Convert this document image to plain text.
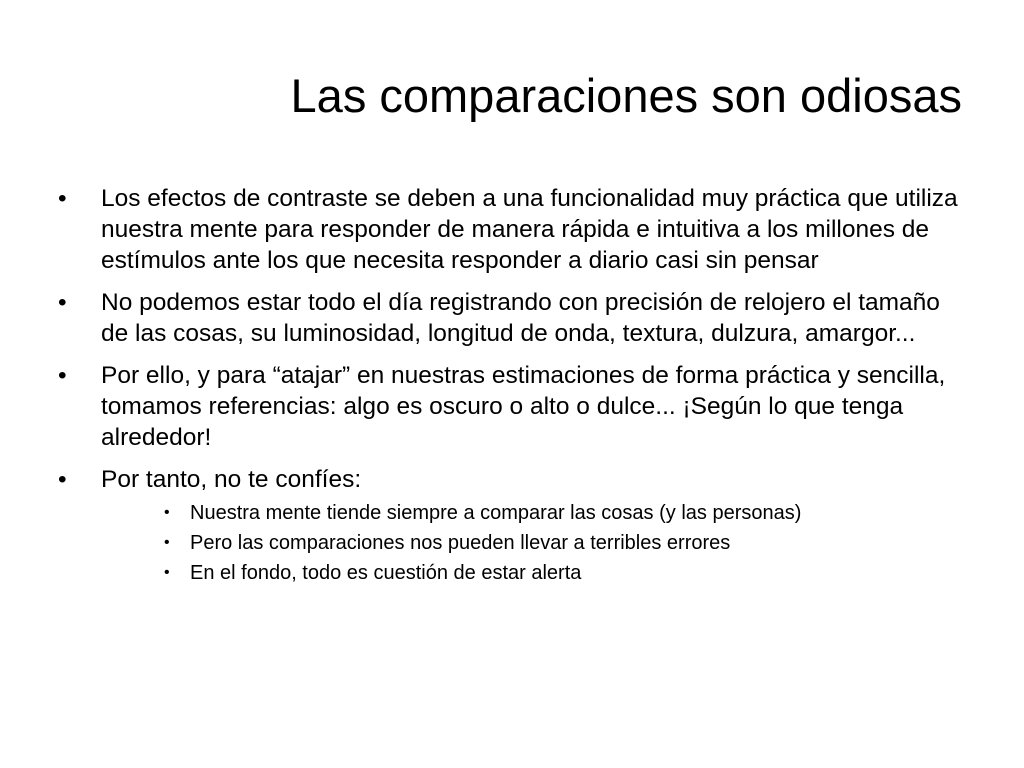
Las comparaciones son odiosas
• Los efectos de contraste se deben a una funcionalidad muy práctica que utiliza nuestra mente para responder de manera rápida e intuitiva a los millones de estímulos ante los que necesita responder a diario casi sin pensar
• No podemos estar todo el día registrando con precisión de relojero el tamaño de las cosas, su luminosidad, longitud de onda, textura, dulzura, amargor...
• Por ello, y para “atajar” en nuestras estimaciones de forma práctica y sencilla, tomamos referencias: algo es oscuro o alto o dulce... ¡Según lo que tenga alrededor!
• Por tanto, no te confíes:
• Nuestra mente tiende siempre a comparar las cosas (y las personas)
• Pero las comparaciones nos pueden llevar a terribles errores
• En el fondo, todo es cuestión de estar alerta
